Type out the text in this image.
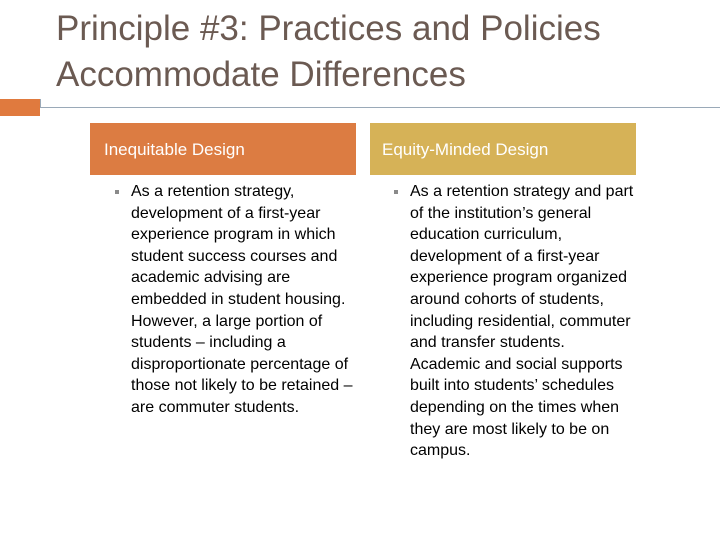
Principle #3: Practices and Policies Accommodate Differences
Inequitable Design	Equity-Minded Design

As a retention strategy, development of a first-year experience program in which student success courses and academic advising are embedded in student housing. However, a large portion of students – including a disproportionate percentage of those not likely to be retained – are commuter students.

As a retention strategy and part of the institution’s general education curriculum, development of a first-year experience program organized around cohorts of students, including residential, commuter and transfer students. Academic and social supports built into students’ schedules depending on the times when they are most likely to be on campus.
